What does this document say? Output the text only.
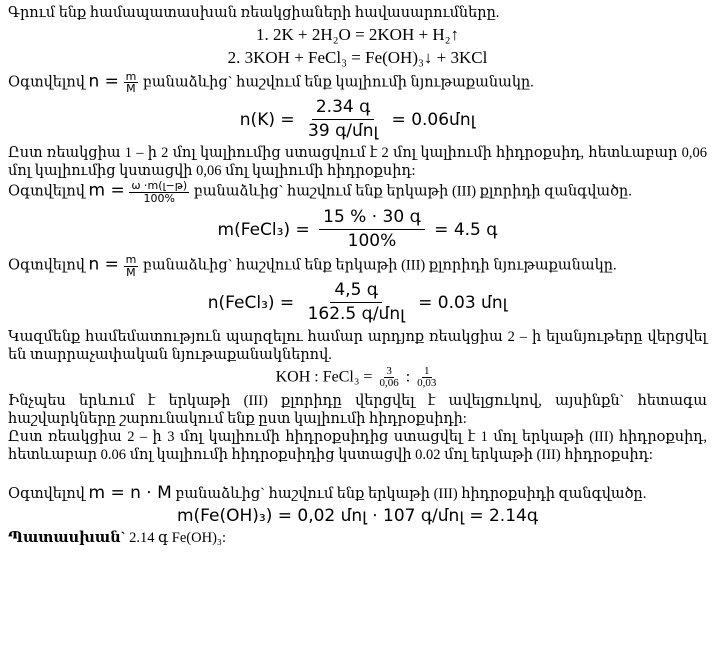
Գրում ենք համապատասխան ռեակցիաների հավասարումները.

1. 2K + 2H₂O = 2KOH + H₂↑
2. 3KOH + FeCl₃ = Fe(OH)₃↓ + 3KCl

Օգտվելով $n = \frac{m}{M}$ բանաձևից` հաշվում ենք կալիումի նյութաքանակը.

$n(K) = \frac{\text{2.34 գ}}{\text{39 գ/մոլ}}$ = 0.06մոլ

Ըստ ռեակցիա 1 – ի 2 մոլ կալիումից ստացվում է 2 մոլ կալիումի հիդրօքսիդ, հետևաբար 0,06 մոլ կալիումից կստացվի 0,06 մոլ կալիումի հիդրօքսիդ:

Օգտվելով $m = \frac{\text{ω ⋅m(լ−թ)}}{100\%}$ բանաձևից` հաշվում ենք երկաթի (III) քլորիդի զանգվածը.

m(FeCl₃) = $\frac{\text{15 \% ⋅ 30 գ}}{100\%} = 4.5$ գ

Օգտվելով $n = \frac{m}{M}$ բանաձևից` հաշվում ենք երկաթի (III) քլորիդի նյութաքանակը.

n(FeCl₃) = $\frac{\text{4,5 գ}}{\text{162.5 գ/մոլ}} = 0.03$ մոլ

Կազմենք համեմատություն պարզելու համար արդյոք ռեակցիա 2 – ի ելանյութերը վերցվել են տարրաչափական նյութաքանակներով.

KOH : FeCl₃ = $\frac{3}{0,06}$ : $\frac{1}{0,03}$

Ինչպես երևում է երկաթի (III) քլորիդը վերցվել է ավելցուկով, այսինքն` հետագա հաշվարկները շարունակում ենք ըստ կալիումի հիդրօքսիդի:

Ըստ ռեակցիա 2 – ի 3 մոլ կալիումի հիդրօքսիդից ստացվել է 1 մոլ երկաթի (III) հիդրօքսիդ, հետևաբար 0.06 մոլ կալիումի հիդրօքսիդից կստացվի 0.02 մոլ երկաթի (III) հիդրօքսիդ:

Օգտվելով m = n ⋅ M բանաձևից` հաշվում ենք երկաթի (III) հիդրօքսիդի զանգվածը.

m(Fe(OH)₃) = 0,02 մոլ ⋅ 107 գ/մոլ = 2.14գ

Պատասխան` 2.14 գ Fe(OH)₃:
